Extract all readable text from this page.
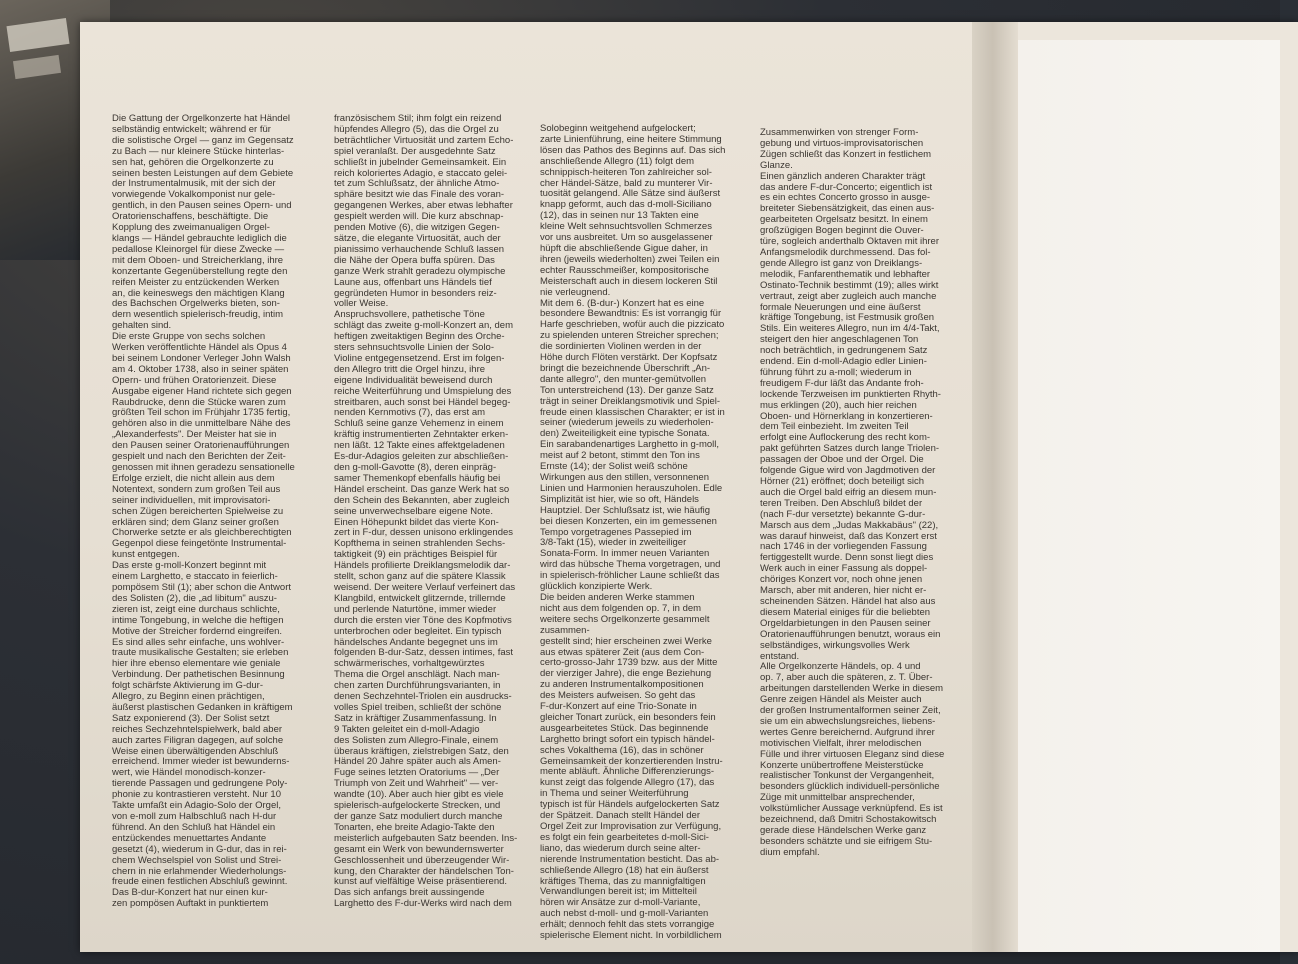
Die Gattung der Orgelkonzerte hat Händel
selbständig entwickelt; während er für
die solistische Orgel — ganz im Gegensatz
zu Bach — nur kleinere Stücke hinterlas-
sen hat, gehören die Orgelkonzerte zu
seinen besten Leistungen auf dem Gebiete
der Instrumentalmusik, mit der sich der
vorwiegende Vokalkomponist nur gele-
gentlich, in den Pausen seines Opern- und
Oratorienschaffens, beschäftigte. Die
Kopplung des zweimanualigen Orgel-
klangs — Händel gebrauchte lediglich die
pedallose Kleinorgel für diese Zwecke —
mit dem Oboen- und Streicherklang, ihre
konzertante Gegenüberstellung regte den
reifen Meister zu entzückenden Werken
an, die keineswegs den mächtigen Klang
des Bachschen Orgelwerks bieten, son-
dern wesentlich spielerisch-freudig, intim
gehalten sind.
Die erste Gruppe von sechs solchen
Werken veröffentlichte Händel als Opus 4
bei seinem Londoner Verleger John Walsh
am 4. Oktober 1738, also in seiner späten
Opern- und frühen Oratorienzeit. Diese
Ausgabe eigener Hand richtete sich gegen
Raubdrucke, denn die Stücke waren zum
größten Teil schon im Frühjahr 1735 fertig,
gehören also in die unmittelbare Nähe des
„Alexanderfests". Der Meister hat sie in
den Pausen seiner Oratorienaufführungen
gespielt und nach den Berichten der Zeit-
genossen mit ihnen geradezu sensationelle
Erfolge erzielt, die nicht allein aus dem
Notentext, sondern zum großen Teil aus
seiner individuellen, mit improvisatori-
schen Zügen bereicherten Spielweise zu
erklären sind; dem Glanz seiner großen
Chorwerke setzte er als gleichberechtigten
Gegenpol diese feingetönte Instrumental-
kunst entgegen.
Das erste g-moll-Konzert beginnt mit
einem Larghetto, e staccato in feierlich-
pompösem Stil (1); aber schon die Antwort
des Solisten (2), die „ad libitum" auszu-
zieren ist, zeigt eine durchaus schlichte,
intime Tongebung, in welche die heftigen
Motive der Streicher fordernd eingreifen.
Es sind alles sehr einfache, uns wohlver-
traute musikalische Gestalten; sie erleben
hier ihre ebenso elementare wie geniale
Verbindung. Der pathetischen Besinnung
folgt schärfste Aktivierung im G-dur-
Allegro, zu Beginn einen prächtigen,
äußerst plastischen Gedanken in kräftigem
Satz exponierend (3). Der Solist setzt
reiches Sechzehntelspielwerk, bald aber
auch zartes Filigran dagegen, auf solche
Weise einen überwältigenden Abschluß
erreichend. Immer wieder ist bewunderns-
wert, wie Händel monodisch-konzer-
tierende Passagen und gedrungene Poly-
phonie zu kontrastieren versteht. Nur 10
Takte umfaßt ein Adagio-Solo der Orgel,
von e-moll zum Halbschluß nach H-dur
führend. An den Schluß hat Händel ein
entzückendes menuettartes Andante
gesetzt (4), wiederum in G-dur, das in rei-
chem Wechselspiel von Solist und Strei-
chern in nie erlahmender Wiederholungs-
freude einen festlichen Abschluß gewinnt.
Das B-dur-Konzert hat nur einen kur-
zen pompösen Auftakt in punktiertem

französischem Stil; ihm folgt ein reizend
hüpfendes Allegro (5), das die Orgel zu
beträchtlicher Virtuosität und zartem Echo-
spiel veranlaßt. Der ausgedehnte Satz
schließt in jubelnder Gemeinsamkeit. Ein
reich koloriertes Adagio, e staccato gelei-
tet zum Schlußsatz, der ähnliche Atmo-
sphäre besitzt wie das Finale des voran-
gegangenen Werkes, aber etwas lebhafter
gespielt werden will. Die kurz abschnap-
penden Motive (6), die witzigen Gegen-
sätze, die elegante Virtuosität, auch der
pianissimo verhauchende Schluß lassen
die Nähe der Opera buffa spüren. Das
ganze Werk strahlt geradezu olympische
Laune aus, offenbart uns Händels tief
gegründeten Humor in besonders reiz-
voller Weise.
Anspruchsvollere, pathetische Töne
schlägt das zweite g-moll-Konzert an, dem
heftigen zweitaktigen Beginn des Orche-
sters sehnsuchtsvolle Linien der Solo-
Violine entgegensetzend. Erst im folgen-
den Allegro tritt die Orgel hinzu, ihre
eigene Individualität beweisend durch
reiche Weiterführung und Umspielung des
streitbaren, auch sonst bei Händel begeg-
nenden Kernmotivs (7), das erst am
Schluß seine ganze Vehemenz in einem
kräftig instrumentierten Zehntakter erken-
nen läßt. 12 Takte eines affektgeladenen
Es-dur-Adagios geleiten zur abschließen-
den g-moll-Gavotte (8), deren einpräg-
samer Themenkopf ebenfalls häufig bei
Händel erscheint. Das ganze Werk hat so
den Schein des Bekannten, aber zugleich
seine unverwechselbare eigene Note.
Einen Höhepunkt bildet das vierte Kon-
zert in F-dur, dessen unisono erklingendes
Kopfthema in seinen strahlenden Sechs-
taktigkeit (9) ein prächtiges Beispiel für
Händels profilierte Dreiklangsmelodik dar-
stellt, schon ganz auf die spätere Klassik
weisend. Der weitere Verlauf verfeinert das
Klangbild, entwickelt glitzernde, trillernde
und perlende Naturtöne, immer wieder
durch die ersten vier Töne des Kopfmotivs
unterbrochen oder begleitet. Ein typisch
händelsches Andante begegnet uns im
folgenden B-dur-Satz, dessen intimes, fast
schwärmerisches, vorhaltgewürztes
Thema die Orgel anschlägt. Nach man-
chen zarten Durchführungsvarianten, in
denen Sechzehntel-Triolen ein ausdrucks-
volles Spiel treiben, schließt der schöne
Satz in kräftiger Zusammenfassung. In
9 Takten geleitet ein d-moll-Adagio
des Solisten zum Allegro-Finale, einem
überaus kräftigen, zielstrebigen Satz, den
Händel 20 Jahre später auch als Amen-
Fuge seines letzten Oratoriums — „Der
Triumph von Zeit und Wahrheit" — ver-
wandte (10). Aber auch hier gibt es viele
spielerisch-aufgelockerte Strecken, und
der ganze Satz moduliert durch manche
Tonarten, ehe breite Adagio-Takte den
meisterlich aufgebauten Satz beenden. Ins-
gesamt ein Werk von bewundernswerter
Geschlossenheit und überzeugender Wir-
kung, den Charakter der händelschen Ton-
kunst auf vielfältige Weise präsentierend.
Das sich anfangs breit aussingende
Larghetto des F-dur-Werks wird nach dem

Solobeginn weitgehend aufgelockert;
zarte Linienführung, eine heitere Stimmung
lösen das Pathos des Beginns auf. Das sich
anschließende Allegro (11) folgt dem
schnippisch-heiteren Ton zahlreicher sol-
cher Händel-Sätze, bald zu munterer Vir-
tuosität gelangend. Alle Sätze sind äußerst
knapp geformt, auch das d-moll-Siciliano
(12), das in seinen nur 13 Takten eine
kleine Welt sehnsuchtsvollen Schmerzes
vor uns ausbreitet. Um so ausgelassener
hüpft die abschließende Gigue daher, in
ihren (jeweils wiederholten) zwei Teilen ein
echter Rausschmeißer, kompositorische
Meisterschaft auch in diesem lockeren Stil
nie verleugnend.
Mit dem 6. (B-dur-) Konzert hat es eine
besondere Bewandtnis: Es ist vorrangig für
Harfe geschrieben, wofür auch die pizzicato
zu spielenden unteren Streicher sprechen;
die sordinierten Violinen werden in der
Höhe durch Flöten verstärkt. Der Kopfsatz
bringt die bezeichnende Überschrift „An-
dante allegro", den munter-gemütvollen
Ton unterstreichend (13). Der ganze Satz
trägt in seiner Dreiklangsmotivik und Spiel-
freude einen klassischen Charakter; er ist in
seiner (wiederum jeweils zu wiederholen-
den) Zweiteiligkeit eine typische Sonata.
Ein sarabandenartiges Larghetto in g-moll,
meist auf 2 betont, stimmt den Ton ins
Ernste (14); der Solist weiß schöne
Wirkungen aus den stillen, versonnenen
Linien und Harmonien herauszuholen. Edle
Simplizität ist hier, wie so oft, Händels
Hauptziel. Der Schlußsatz ist, wie häufig
bei diesen Konzerten, ein im gemessenen
Tempo vorgetragenes Passepied im
3/8-Takt (15), wieder in zweiteiliger
Sonata-Form. In immer neuen Varianten
wird das hübsche Thema vorgetragen, und
in spielerisch-fröhlicher Laune schließt das
glücklich konzipierte Werk.
Die beiden anderen Werke stammen
nicht aus dem folgenden op. 7, in dem
weitere sechs Orgelkonzerte gesammelt
zusammen-
gestellt sind; hier erscheinen zwei Werke
aus etwas späterer Zeit (aus dem Con-
certo-grosso-Jahr 1739 bzw. aus der Mitte
der vierziger Jahre), die enge Beziehung
zu anderen Instrumentalkompositionen
des Meisters aufweisen. So geht das
F-dur-Konzert auf eine Trio-Sonate in
gleicher Tonart zurück, ein besonders fein
ausgearbeitetes Stück. Das beginnende
Larghetto bringt sofort ein typisch händel-
sches Vokalthema (16), das in schöner
Gemeinsamkeit der konzertierenden Instru-
mente abläuft. Ähnliche Differenzierungs-
kunst zeigt das folgende Allegro (17), das
in Thema und seiner Weiterführung
typisch ist für Händels aufgelockerten Satz
der Spätzeit. Danach stellt Händel der
Orgel Zeit zur Improvisation zur Verfügung,
es folgt ein fein gearbeitetes d-moll-Sici-
liano, das wiederum durch seine alter-
nierende Instrumentation besticht. Das ab-
schließende Allegro (18) hat ein äußerst
kräftiges Thema, das zu mannigfaltigen
Verwandlungen bereit ist; im Mittelteil
hören wir Ansätze zur d-moll-Variante,
auch nebst d-moll- und g-moll-Varianten
erhält; dennoch fehlt das stets vorrangige
spielerische Element nicht. In vorbildlichem

Zusammenwirken von strenger Form-
gebung und virtuos-improvisatorischen
Zügen schließt das Konzert in festlichem
Glanze.
Einen gänzlich anderen Charakter trägt
das andere F-dur-Concerto; eigentlich ist
es ein echtes Concerto grosso in ausge-
breiteter Siebensätzigkeit, das einen aus-
gearbeiteten Orgelsatz besitzt. In einem
großzügigen Bogen beginnt die Ouver-
türe, sogleich anderthalb Oktaven mit ihrer
Anfangsmelodik durchmessend. Das fol-
gende Allegro ist ganz von Dreiklangs-
melodik, Fanfarenthematik und lebhafter
Ostinato-Technik bestimmt (19); alles wirkt
vertraut, zeigt aber zugleich auch manche
formale Neuerungen und eine äußerst
kräftige Tongebung, ist Festmusik großen
Stils. Ein weiteres Allegro, nun im 4/4-Takt,
steigert den hier angeschlagenen Ton
noch beträchtlich, in gedrungenem Satz
endend. Ein d-moll-Adagio edler Linien-
führung führt zu a-moll; wiederum in
freudigem F-dur läßt das Andante froh-
lockende Terzweisen im punktierten Rhyth-
mus erklingen (20), auch hier reichen
Oboen- und Hörnerklang in konzertieren-
dem Teil einbezieht. Im zweiten Teil
erfolgt eine Auflockerung des recht kom-
pakt geführten Satzes durch lange Triolen-
passagen der Oboe und der Orgel. Die
folgende Gigue wird von Jagdmotiven der
Hörner (21) eröffnet; doch beteiligt sich
auch die Orgel bald eifrig an diesem mun-
teren Treiben. Den Abschluß bildet der
(nach F-dur versetzte) bekannte G-dur-
Marsch aus dem „Judas Makkabäus" (22),
was darauf hinweist, daß das Konzert erst
nach 1746 in der vorliegenden Fassung
fertiggestellt wurde. Denn sonst liegt dies
Werk auch in einer Fassung als doppel-
chöriges Konzert vor, noch ohne jenen
Marsch, aber mit anderen, hier nicht er-
scheinenden Sätzen. Händel hat also aus
diesem Material einiges für die beliebten
Orgeldarbietungen in den Pausen seiner
Oratorienaufführungen benutzt, woraus ein
selbständiges, wirkungsvolles Werk
entstand.
Alle Orgelkonzerte Händels, op. 4 und
op. 7, aber auch die späteren, z. T. Über-
arbeitungen darstellenden Werke in diesem
Genre zeigen Händel als Meister auch
der großen Instrumentalformen seiner Zeit,
sie um ein abwechslungsreiches, liebens-
wertes Genre bereichernd. Aufgrund ihrer
motivischen Vielfalt, ihrer melodischen
Fülle und ihrer virtuosen Eleganz sind diese
Konzerte unübertroffene Meisterstücke
realistischer Tonkunst der Vergangenheit,
besonders glücklich individuell-persönliche
Züge mit unmittelbar ansprechender,
volkstümlicher Aussage verknüpfend. Es ist
bezeichnend, daß Dmitri Schostakowitsch
gerade diese Händelschen Werke ganz
besonders schätzte und sie eifrigem Stu-
dium empfahl.
